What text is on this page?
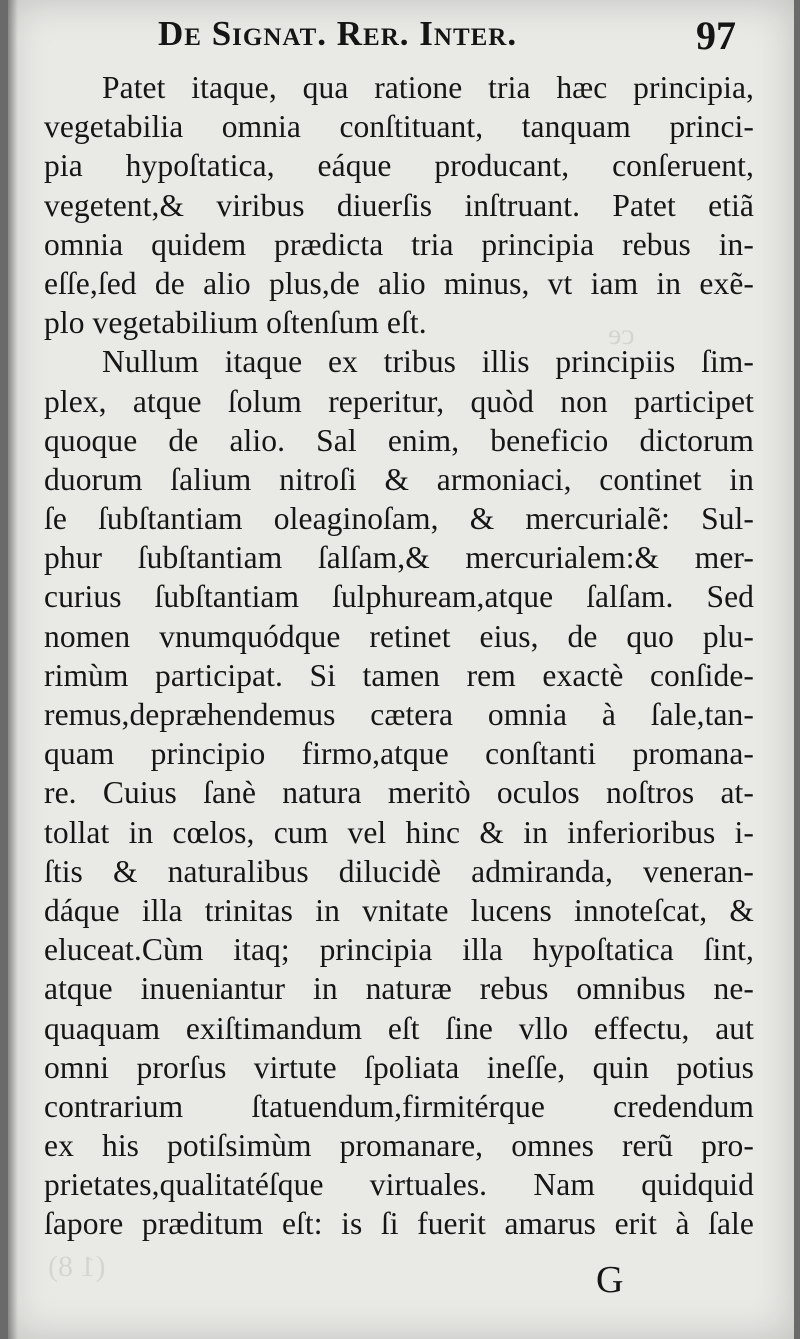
ce
(1 8)
De Signat. Rer. Inter.	97
Patet itaque, qua ratione tria hæc principia,
vegetabilia omnia conſtituant, tanquam princi-
pia hypoſtatica, eáque producant, conſeruent,
vegetent,& viribus diuerſis inſtruant. Patet etiã
omnia quidem prædicta tria principia rebus in-
eſſe,ſed de alio plus,de alio minus, vt iam in exẽ-
plo vegetabilium oſtenſum eſt.
Nullum itaque ex tribus illis principiis ſim-
plex, atque ſolum reperitur, quòd non participet
quoque de alio. Sal enim, beneficio dictorum
duorum ſalium nitroſi & armoniaci, continet in
ſe ſubſtantiam oleaginoſam, & mercurialẽ: Sul-
phur ſubſtantiam ſalſam,& mercurialem:& mer-
curius ſubſtantiam ſulphuream,atque ſalſam. Sed
nomen vnumquódque retinet eius, de quo plu-
rimùm participat. Si tamen rem exactè conſide-
remus,depræhendemus cætera omnia à ſale,tan-
quam principio firmo,atque conſtanti promana-
re. Cuius ſanè natura meritò oculos noſtros at-
tollat in cœlos, cum vel hinc & in inferioribus i-
ſtis & naturalibus dilucidè admiranda, veneran-
dáque illa trinitas in vnitate lucens innoteſcat, &
eluceat.Cùm itaq; principia illa hypoſtatica ſint,
atque inueniantur in naturæ rebus omnibus ne-
quaquam exiſtimandum eſt ſine vllo effectu, aut
omni prorſus virtute ſpoliata ineſſe, quin potius
contrarium ſtatuendum,firmitérque credendum
ex his potiſsimùm promanare, omnes rerũ pro-
prietates,qualitatéſque virtuales. Nam quidquid
ſapore præditum eſt: is ſi fuerit amarus erit à ſale
G
